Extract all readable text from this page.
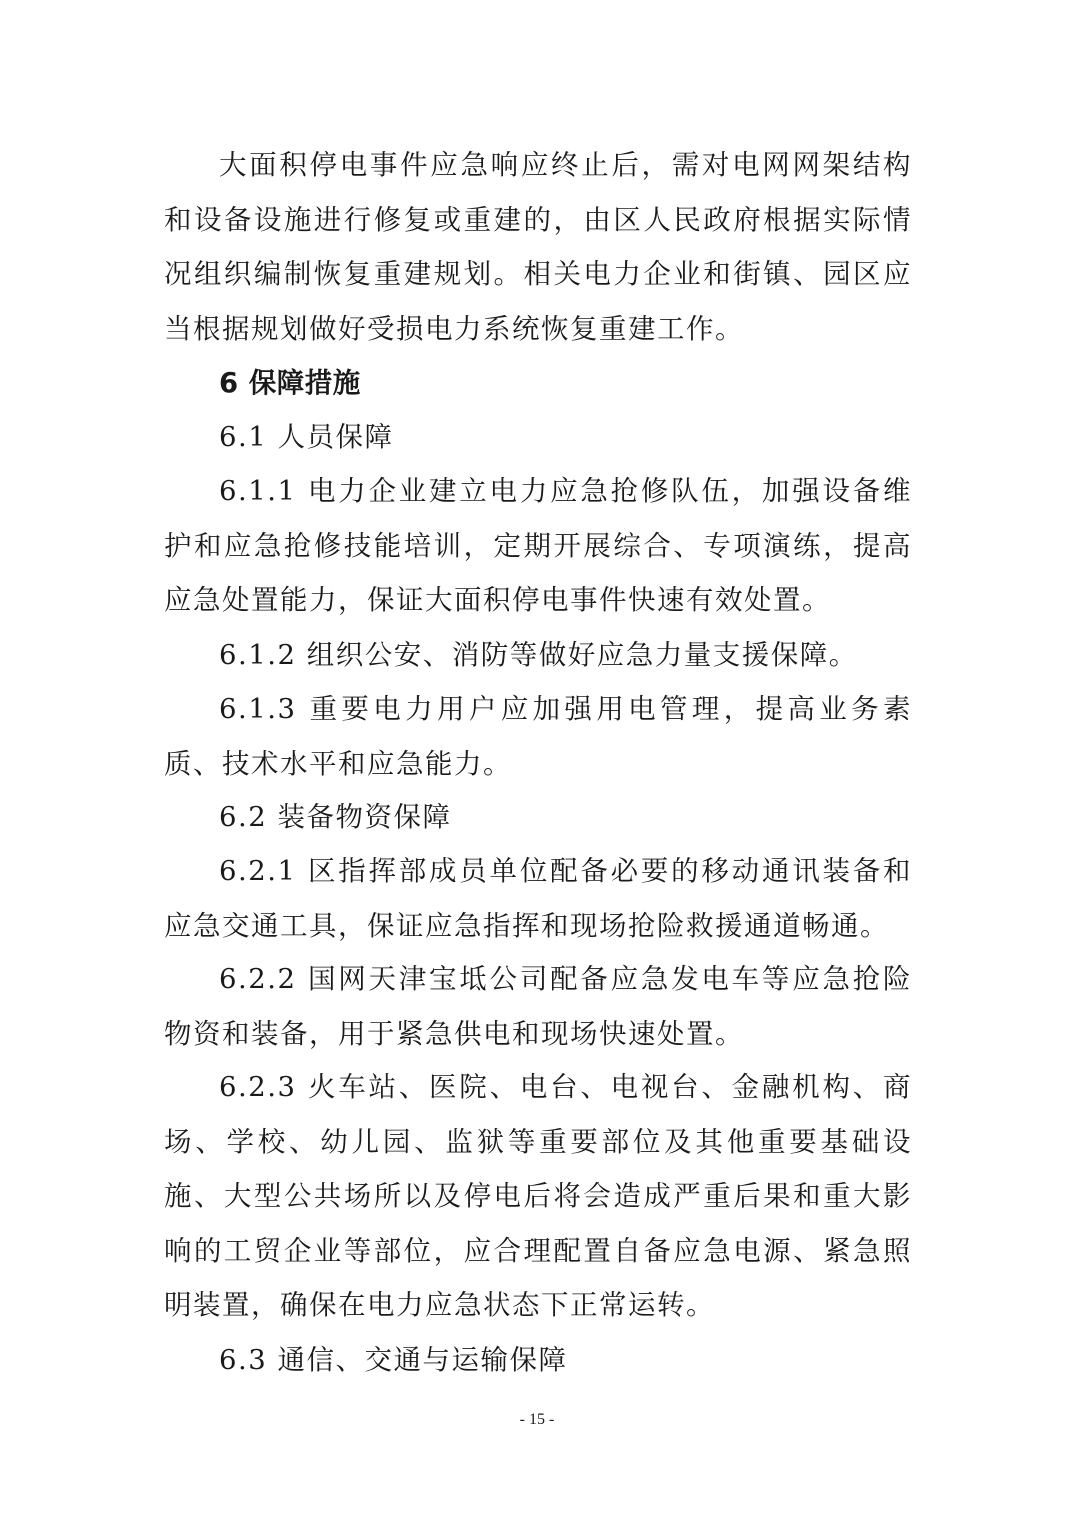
大面积停电事件应急响应终止后，需对电网网架结构和设备设施进行修复或重建的，由区人民政府根据实际情况组织编制恢复重建规划。相关电力企业和街镇、园区应当根据规划做好受损电力系统恢复重建工作。

6 保障措施

6.1 人员保障

6.1.1 电力企业建立电力应急抢修队伍，加强设备维护和应急抢修技能培训，定期开展综合、专项演练，提高应急处置能力，保证大面积停电事件快速有效处置。

6.1.2 组织公安、消防等做好应急力量支援保障。

6.1.3 重要电力用户应加强用电管理，提高业务素质、技术水平和应急能力。

6.2 装备物资保障

6.2.1 区指挥部成员单位配备必要的移动通讯装备和应急交通工具，保证应急指挥和现场抢险救援通道畅通。

6.2.2 国网天津宝坻公司配备应急发电车等应急抢险物资和装备，用于紧急供电和现场快速处置。

6.2.3 火车站、医院、电台、电视台、金融机构、商场、学校、幼儿园、监狱等重要部位及其他重要基础设施、大型公共场所以及停电后将会造成严重后果和重大影响的工贸企业等部位，应合理配置自备应急电源、紧急照明装置，确保在电力应急状态下正常运转。

6.3 通信、交通与运输保障

- 15 -
